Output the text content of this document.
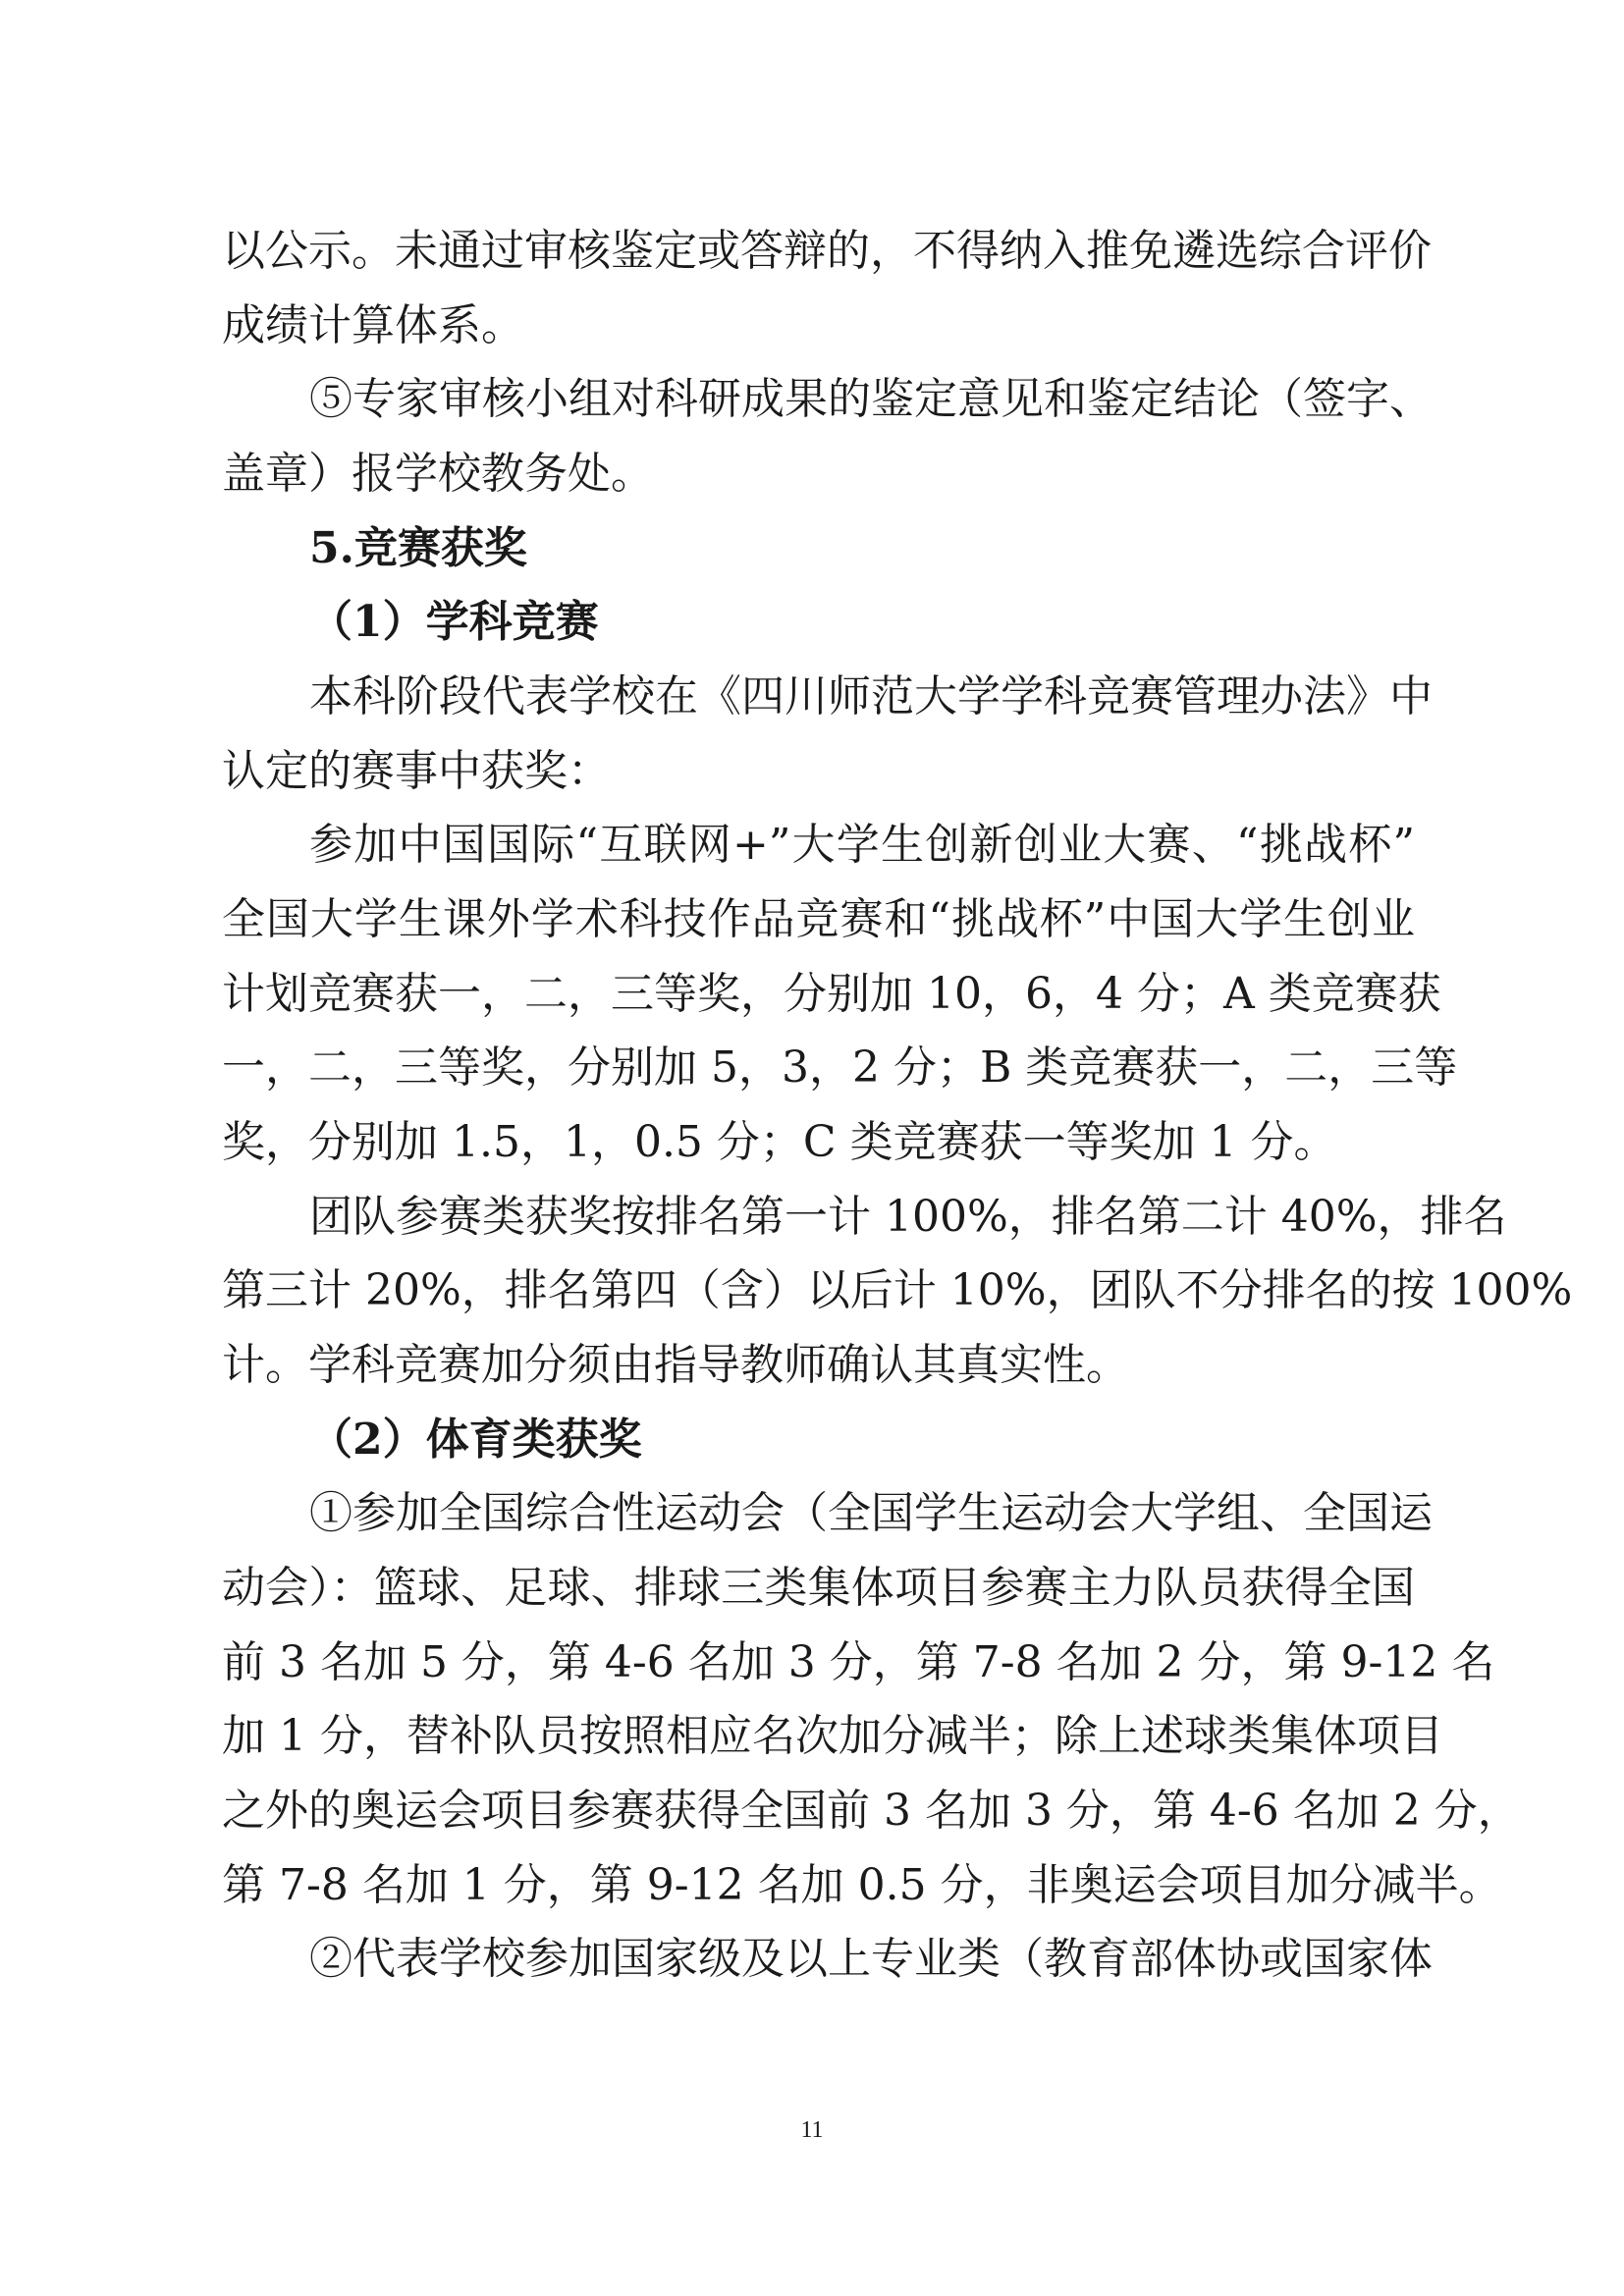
以公示。未通过审核鉴定或答辩的，不得纳入推免遴选综合评价
成绩计算体系。
⑤专家审核小组对科研成果的鉴定意见和鉴定结论（签字、
盖章）报学校教务处。
5.竞赛获奖
（1）学科竞赛
本科阶段代表学校在《四川师范大学学科竞赛管理办法》中
认定的赛事中获奖：
参加中国国际“互联网+”大学生创新创业大赛、“挑战杯”
全国大学生课外学术科技作品竞赛和“挑战杯”中国大学生创业
计划竞赛获一，二，三等奖，分别加 10，6，4 分；A 类竞赛获
一，二，三等奖，分别加 5，3，2 分；B 类竞赛获一，二，三等
奖，分别加 1.5，1，0.5 分；C 类竞赛获一等奖加 1 分。
团队参赛类获奖按排名第一计 100%，排名第二计 40%，排名
第三计 20%，排名第四（含）以后计 10%，团队不分排名的按 100%
计。学科竞赛加分须由指导教师确认其真实性。
（2）体育类获奖
①参加全国综合性运动会（全国学生运动会大学组、全国运
动会）：篮球、足球、排球三类集体项目参赛主力队员获得全国
前 3 名加 5 分，第 4-6 名加 3 分，第 7-8 名加 2 分，第 9-12 名
加 1 分，替补队员按照相应名次加分减半；除上述球类集体项目
之外的奥运会项目参赛获得全国前 3 名加 3 分，第 4-6 名加 2 分，
第 7-8 名加 1 分，第 9-12 名加 0.5 分，非奥运会项目加分减半。
②代表学校参加国家级及以上专业类（教育部体协或国家体
11
